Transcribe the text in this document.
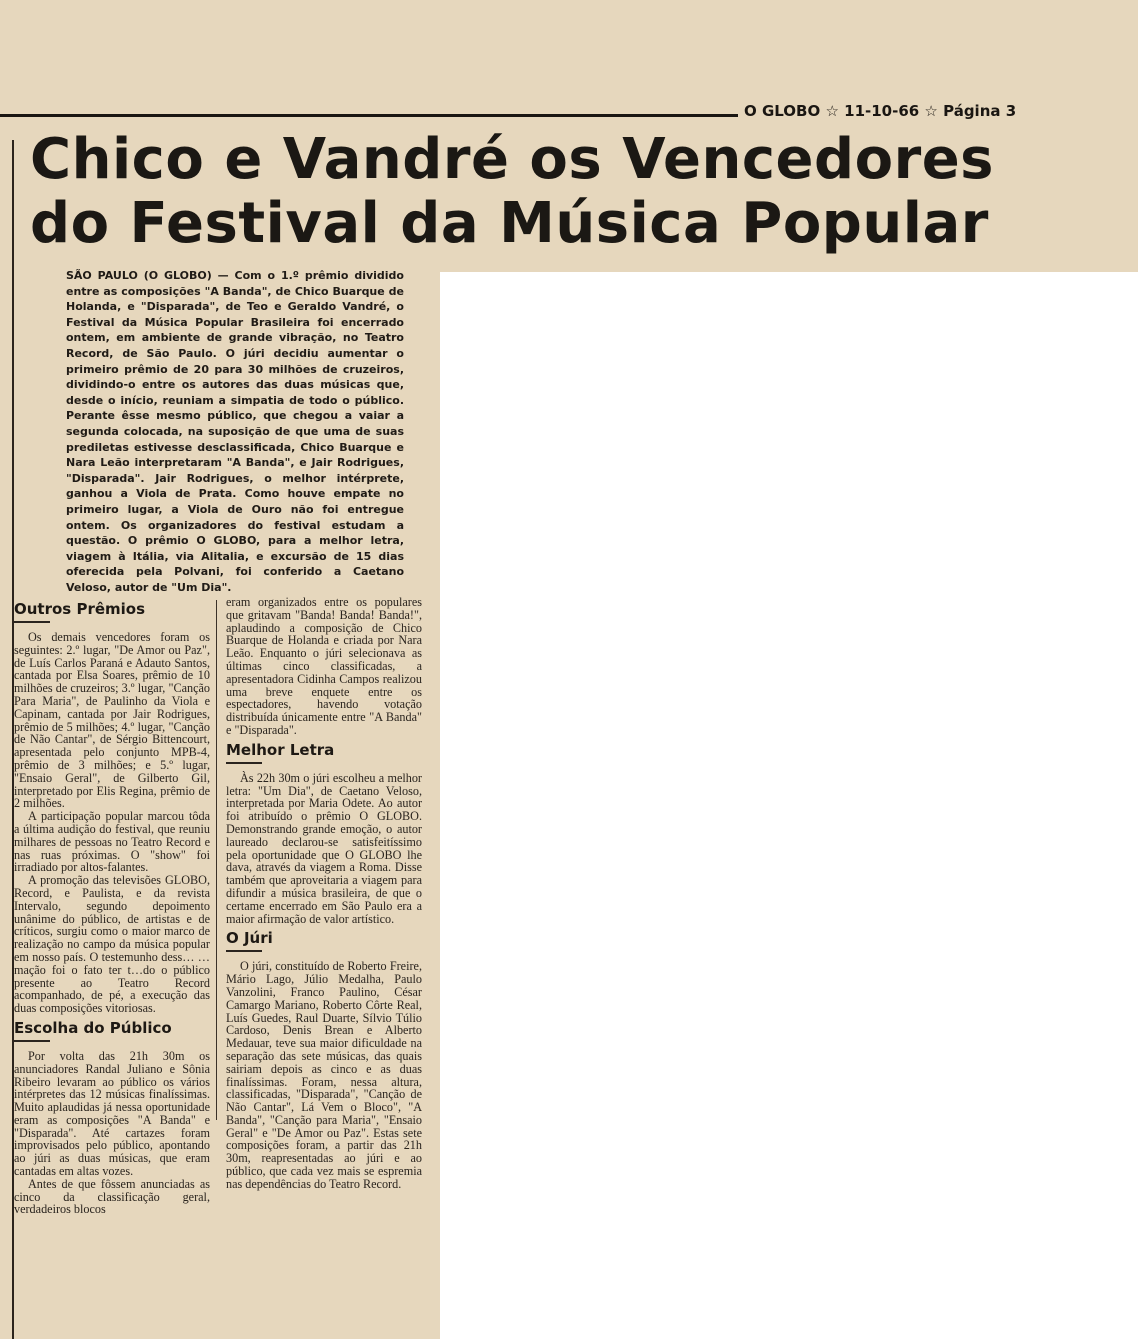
O GLOBO ☆ 11-10-66 ☆ Página 3
Chico e Vandré os Vencedores
do Festival da Música Popular
SÃO PAULO (O GLOBO) — Com o 1.º prêmio dividido entre as composições "A Banda", de Chico Buarque de Holanda, e "Disparada", de Teo e Geraldo Vandré, o Festival da Música Popular Brasileira foi encerrado ontem, em ambiente de grande vibração, no Teatro Record, de São Paulo. O júri decidiu aumentar o primeiro prêmio de 20 para 30 milhões de cruzeiros, dividindo-o entre os autores das duas músicas que, desde o início, reuniam a simpatia de todo o público. Perante êsse mesmo público, que chegou a vaiar a segunda colocada, na suposição de que uma de suas prediletas estivesse desclassificada, Chico Buarque e Nara Leão interpretaram "A Banda", e Jair Rodrigues, "Disparada". Jair Rodrigues, o melhor intérprete, ganhou a Viola de Prata. Como houve empate no primeiro lugar, a Viola de Ouro não foi entregue ontem. Os organizadores do festival estudam a questão. O prêmio O GLOBO, para a melhor letra, viagem à Itália, via Alitalia, e excursão de 15 dias oferecida pela Polvani, foi conferido a Caetano Veloso, autor de "Um Dia".
Outros Prêmios

Os demais vencedores foram os seguintes: 2.º lugar, "De Amor ou Paz", de Luís Carlos Paraná e Adauto Santos, cantada por Elsa Soares, prêmio de 10 milhões de cruzeiros; 3.º lugar, "Canção Para Maria", de Paulinho da Viola e Capinam, cantada por Jair Rodrigues, prêmio de 5 milhões; 4.º lugar, "Canção de Não Cantar", de Sérgio Bittencourt, apresentada pelo conjunto MPB-4, prêmio de 3 milhões; e 5.º lugar, "Ensaio Geral", de Gilberto Gil, interpretado por Elis Regina, prêmio de 2 milhões.

A participação popular marcou tôda a última audição do festival, que reuniu milhares de pessoas no Teatro Record e nas ruas próximas. O "show" foi irradiado por altos-falantes.

A promoção das televisões GLOBO, Record, e Paulista, e da revista Intervalo, segundo depoimento unânime do público, de artistas e de críticos, surgiu como o maior marco de realização no campo da música popular em nosso país. O testemunho dess… …mação foi o fato ter t…do o público presente ao Teatro Record acompanhado, de pé, a execução das duas composições vitoriosas.

Escolha do Público

Por volta das 21h 30m os anunciadores Randal Juliano e Sônia Ribeiro levaram ao público os vários intérpretes das 12 músicas finalíssimas. Muito aplaudidas já nessa oportunidade eram as composições "A Banda" e "Disparada". Até cartazes foram improvisados pelo público, apontando ao júri as duas músicas, que eram cantadas em altas vozes.

Antes de que fôssem anunciadas as cinco da classificação geral, verdadeiros blocos

eram organizados entre os populares que gritavam "Banda! Banda! Banda!", aplaudindo a composição de Chico Buarque de Holanda e criada por Nara Leão. Enquanto o júri selecionava as últimas cinco classificadas, a apresentadora Cidinha Campos realizou uma breve enquete entre os espectadores, havendo votação distribuída únicamente entre "A Banda" e "Disparada".

Melhor Letra

Às 22h 30m o júri escolheu a melhor letra: "Um Dia", de Caetano Veloso, interpretada por Maria Odete. Ao autor foi atribuído o prêmio O GLOBO. Demonstrando grande emoção, o autor laureado declarou-se satisfeitíssimo pela oportunidade que O GLOBO lhe dava, através da viagem a Roma. Disse também que aproveitaria a viagem para difundir a música brasileira, de que o certame encerrado em São Paulo era a maior afirmação de valor artístico.

O Júri

O júri, constituído de Roberto Freire, Mário Lago, Júlio Medalha, Paulo Vanzolini, Franco Paulino, César Camargo Mariano, Roberto Côrte Real, Luís Guedes, Raul Duarte, Sílvio Túlio Cardoso, Denis Brean e Alberto Medauar, teve sua maior dificuldade na separação das sete músicas, das quais sairiam depois as cinco e as duas finalíssimas. Foram, nessa altura, classificadas, "Disparada", "Canção de Não Cantar", Lá Vem o Bloco", "A Banda", "Canção para Maria", "Ensaio Geral" e "De Amor ou Paz". Estas sete composições foram, a partir das 21h 30m, reapresentadas ao júri e ao público, que cada vez mais se espremia nas dependências do Teatro Record.
